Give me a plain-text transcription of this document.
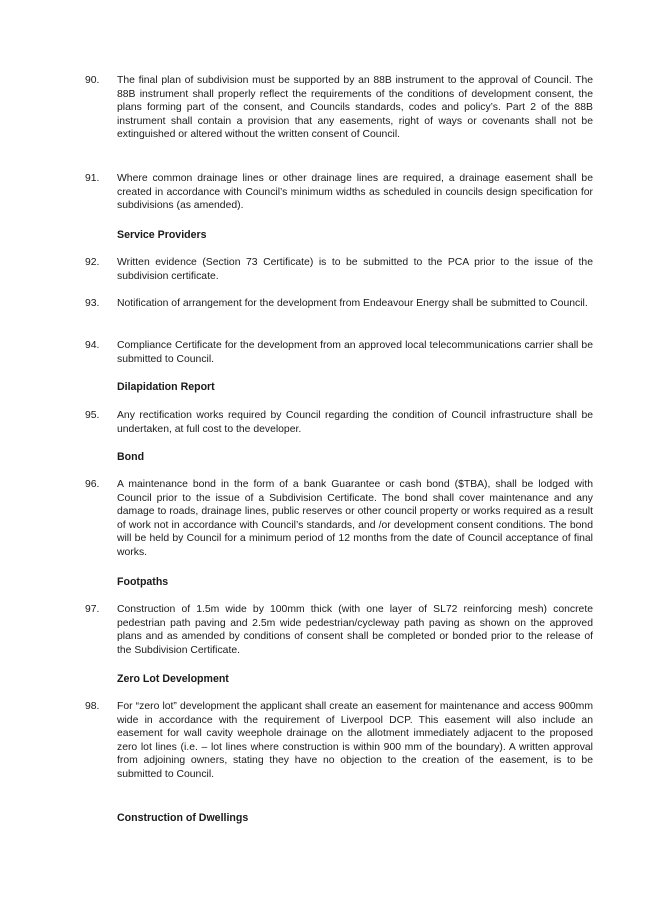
90.	The final plan of subdivision must be supported by an 88B instrument to the approval of Council. The 88B instrument shall properly reflect the requirements of the conditions of development consent, the plans forming part of the consent, and Councils standards, codes and policy’s. Part 2 of the 88B instrument shall contain a provision that any easements, right of ways or covenants shall not be extinguished or altered without the written consent of Council.
91.	Where common drainage lines or other drainage lines are required, a drainage easement shall be created in accordance with Council’s minimum widths as scheduled in councils design specification for subdivisions (as amended).
Service Providers
92.	Written evidence (Section 73 Certificate) is to be submitted to the PCA prior to the issue of the subdivision certificate.
93.	Notification of arrangement for the development from Endeavour Energy shall be submitted to Council.
94.	Compliance Certificate for the development from an approved local telecommunications carrier shall be submitted to Council.
Dilapidation Report
95.	Any rectification works required by Council regarding the condition of Council infrastructure shall be undertaken, at full cost to the developer.
Bond
96.	A maintenance bond in the form of a bank Guarantee or cash bond ($TBA), shall be lodged with Council prior to the issue of a Subdivision Certificate. The bond shall cover maintenance and any damage to roads, drainage lines, public reserves or other council property or works required as a result of work not in accordance with Council’s standards, and /or development consent conditions. The bond will be held by Council for a minimum period of 12 months from the date of Council acceptance of final works.
Footpaths
97.	Construction of 1.5m wide by 100mm thick (with one layer of SL72 reinforcing mesh) concrete pedestrian path paving and 2.5m wide pedestrian/cycleway path paving as shown on the approved plans and as amended by conditions of consent shall be completed or bonded prior to the release of the Subdivision Certificate.
Zero Lot Development
98.	For “zero lot” development the applicant shall create an easement for maintenance and access 900mm wide in accordance with the requirement of Liverpool DCP. This easement will also include an easement for wall cavity weephole drainage on the allotment immediately adjacent to the proposed zero lot lines (i.e. – lot lines where construction is within 900 mm of the boundary). A written approval from adjoining owners, stating they have no objection to the creation of the easement, is to be submitted to Council.
Construction of Dwellings
